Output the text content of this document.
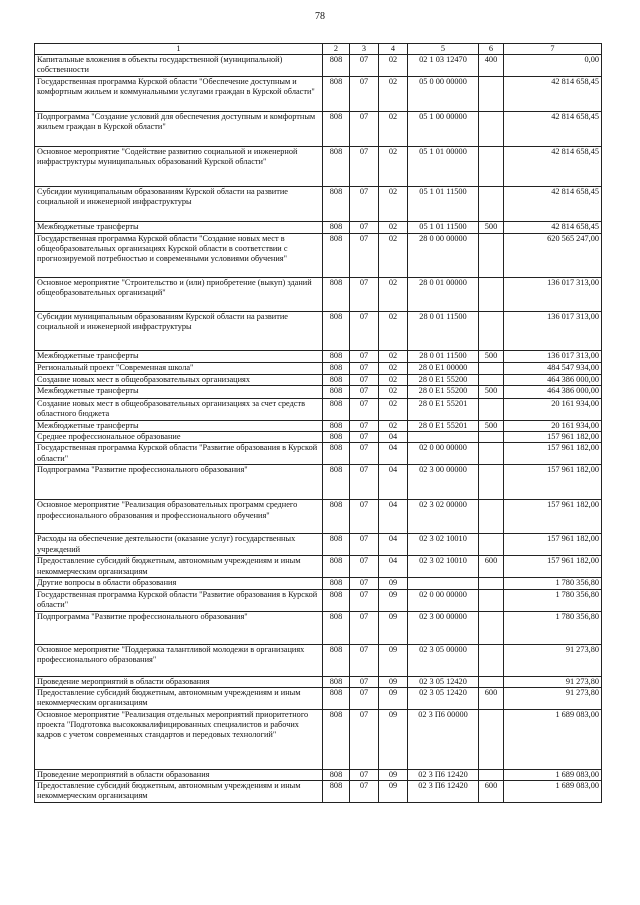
78
1	2	3	4	5	6	7
Капитальные вложения в объекты государственной (муниципальной) собственности	808	07	02	02 1 03 12470	400	0,00
Государственная программа Курской области "Обеспечение доступным и комфортным жильем и коммунальными услугами граждан в Курской области"	808	07	02	05 0 00 00000		42 814 658,45
Подпрограмма "Создание условий для обеспечения доступным и комфортным жильем граждан в Курской области"	808	07	02	05 1 00 00000		42 814 658,45
Основное мероприятие "Содействие развитию социальной и инженерной инфраструктуры муниципальных образований Курской области"	808	07	02	05 1 01 00000		42 814 658,45
Субсидии муниципальным образованиям Курской области на развитие социальной и инженерной инфраструктуры	808	07	02	05 1 01 11500		42 814 658,45
Межбюджетные трансферты	808	07	02	05 1 01 11500	500	42 814 658,45
Государственная программа Курской области "Создание новых мест в общеобразовательных организациях Курской области в соответствии с прогнозируемой потребностью и современными условиями обучения"	808	07	02	28 0 00 00000		620 565 247,00
Основное мероприятие "Строительство и (или) приобретение (выкуп) зданий общеобразовательных организаций"	808	07	02	28 0 01 00000		136 017 313,00
Субсидии муниципальным образованиям Курской области на развитие социальной и инженерной инфраструктуры	808	07	02	28 0 01 11500		136 017 313,00
Межбюджетные трансферты	808	07	02	28 0 01 11500	500	136 017 313,00
Региональный проект "Современная школа"	808	07	02	28 0 Е1 00000		484 547 934,00
Создание новых мест в общеобразовательных организациях	808	07	02	28 0 Е1 55200		464 386 000,00
Межбюджетные трансферты	808	07	02	28 0 Е1 55200	500	464 386 000,00
Создание новых мест в общеобразовательных организациях за счет средств областного бюджета	808	07	02	28 0 Е1 55201		20 161 934,00
Межбюджетные трансферты	808	07	02	28 0 Е1 55201	500	20 161 934,00
Среднее профессиональное образование	808	07	04			157 961 182,00
Государственная программа Курской области "Развитие образования в Курской области"	808	07	04	02 0 00 00000		157 961 182,00
Подпрограмма "Развитие профессионального образования"	808	07	04	02 3 00 00000		157 961 182,00
Основное мероприятие "Реализация образовательных программ среднего профессионального образования и профессионального обучения"	808	07	04	02 3 02 00000		157 961 182,00
Расходы на обеспечение деятельности (оказание услуг) государственных учреждений	808	07	04	02 3 02 10010		157 961 182,00
Предоставление субсидий бюджетным, автономным учреждениям и иным некоммерческим организациям	808	07	04	02 3 02 10010	600	157 961 182,00
Другие вопросы в области образования	808	07	09			1 780 356,80
Государственная программа Курской области "Развитие образования в Курской области"	808	07	09	02 0 00 00000		1 780 356,80
Подпрограмма "Развитие профессионального образования"	808	07	09	02 3 00 00000		1 780 356,80
Основное мероприятие "Поддержка талантливой молодежи в организациях профессионального образования"	808	07	09	02 3 05 00000		91 273,80
Проведение мероприятий в области образования	808	07	09	02 3 05 12420		91 273,80
Предоставление субсидий бюджетным, автономным учреждениям и иным некоммерческим организациям	808	07	09	02 3 05 12420	600	91 273,80
Основное мероприятие "Реализация отдельных мероприятий приоритетного проекта "Подготовка высококвалифицированных специалистов и рабочих кадров с учетом современных стандартов и передовых технологий"	808	07	09	02 3 П6 00000		1 689 083,00
Проведение мероприятий в области образования	808	07	09	02 3 П6 12420		1 689 083,00
Предоставление субсидий бюджетным, автономным учреждениям и иным некоммерческим организациям	808	07	09	02 3 П6 12420	600	1 689 083,00
